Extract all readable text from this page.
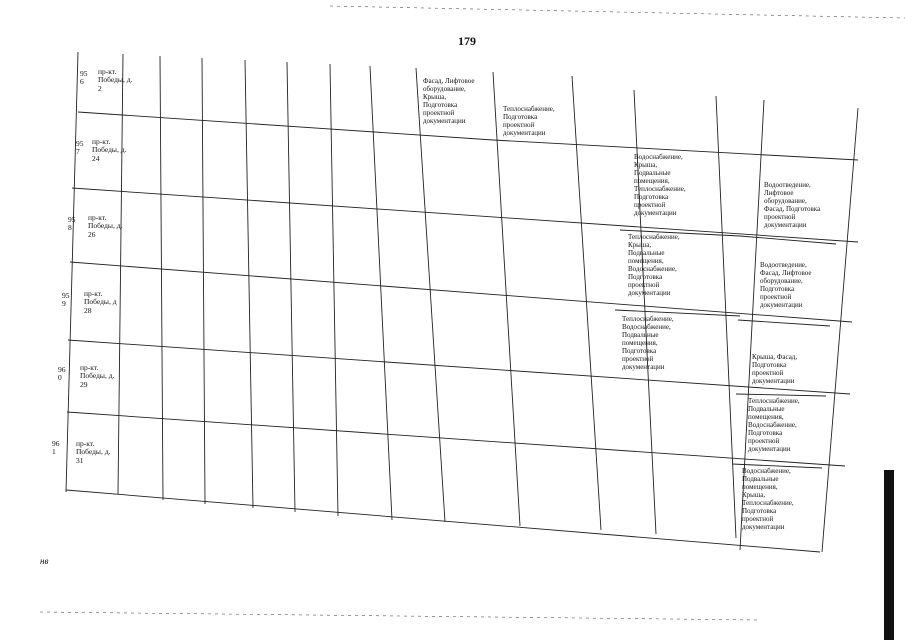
179
95
6
95
7
95
8
95
9
96
0
96
1
пр-кт.
Победы, д.
2
пр-кт.
Победы, д.
24
пр-кт.
Победы, д.
26
пр-кт.
Победы, д
28
пр-кт.
Победы, д.
29
пр-кт.
Победы, д.
31
Фасад, Лифтовое
оборудование,
Крыша,
Подготовка
проектной
документации
Теплоснабжение,
Подготовка
проектной
документации
Водоснабжение,
Крыша,
Подвальные
помещения,
Теплоснабжение,
Подготовка
проектной
документации
Водоотведение,
Лифтовое
оборудование,
Фасад, Подготовка
проектной
документации
Теплоснабжение,
Крыша,
Подвальные
помещения,
Водоснабжение,
Подготовка
проектной
документации
Водоотведение,
Фасад, Лифтовое
оборудование,
Подготовка
проектной
документации
Теплоснабжение,
Водоснабжение,
Подвальные
помещения,
Подготовка
проектной
документации
Крыша, Фасад,
Подготовка
проектной
документации
Теплоснабжение,
Подвальные
помещения,
Водоснабжение,
Подготовка
проектной
документации
Водоснабжение,
Подвальные
помещения,
Крыша,
Теплоснабжение,
Подготовка
проектной
документации
нв
